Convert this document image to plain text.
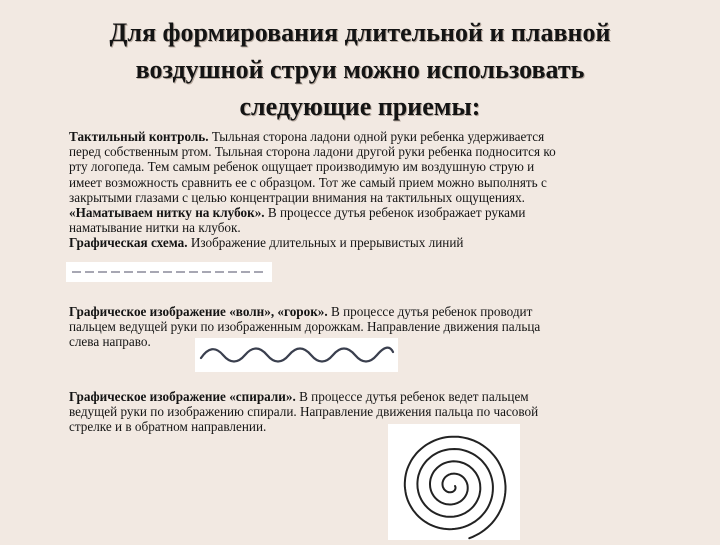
Для формирования длительной и плавной
воздушной струи можно использовать
следующие приемы:
Тактильный контроль. Тыльная сторона ладони одной руки ребенка удерживается
перед собственным ртом. Тыльная сторона ладони другой руки ребенка подносится ко
рту логопеда. Тем самым ребенок ощущает производимую им воздушную струю и
имеет возможность сравнить ее с образцом. Тот же самый прием можно выполнять с
закрытыми глазами с целью концентрации внимания на тактильных ощущениях.
«Наматываем нитку на клубок». В процессе дутья ребенок изображает руками
наматывание нитки на клубок.
Графическая схема. Изображение длительных и прерывистых линий
Графическое изображение «волн», «горок». В процессе дутья ребенок проводит
пальцем ведущей руки по изображенным дорожкам. Направление движения пальца
слева направо.
Графическое изображение «спирали». В процессе дутья ребенок ведет пальцем
ведущей руки по изображению спирали. Направление движения пальца по часовой
стрелке и в обратном направлении.
